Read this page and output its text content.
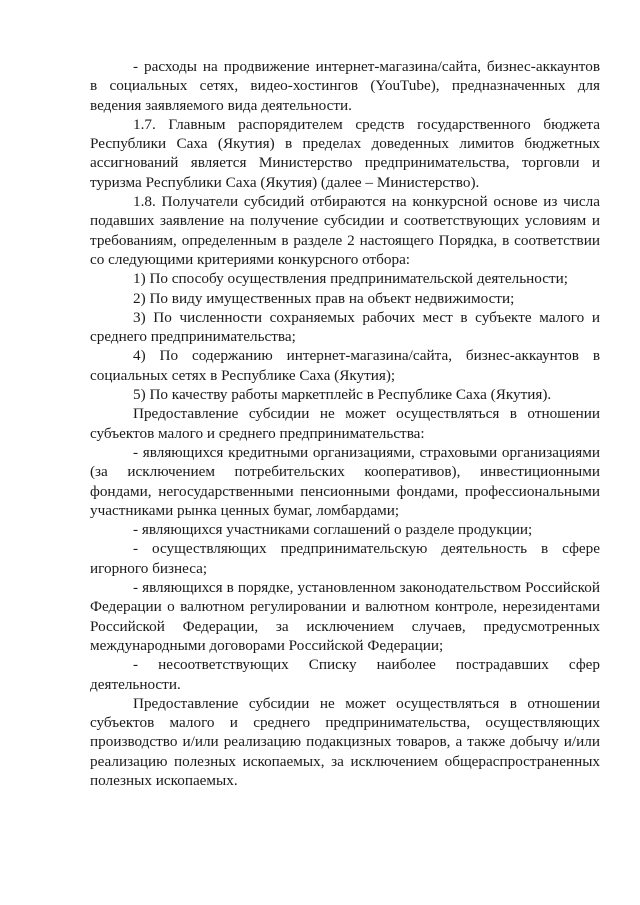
- расходы на продвижение интернет-магазина/сайта, бизнес-аккаунтов в социальных сетях, видео-хостингов (YouTube), предназначенных для ведения заявляемого вида деятельности.

1.7. Главным распорядителем средств государственного бюджета Республики Саха (Якутия) в пределах доведенных лимитов бюджетных ассигнований является Министерство предпринимательства, торговли и туризма Республики Саха (Якутия) (далее – Министерство).

1.8. Получатели субсидий отбираются на конкурсной основе из числа подавших заявление на получение субсидии и соответствующих условиям и требованиям, определенным в разделе 2 настоящего Порядка, в соответствии со следующими критериями конкурсного отбора:

1) По способу осуществления предпринимательской деятельности;

2) По виду имущественных прав на объект недвижимости;

3) По численности сохраняемых рабочих мест в субъекте малого и среднего предпринимательства;

4) По содержанию интернет-магазина/сайта, бизнес-аккаунтов в социальных сетях в Республике Саха (Якутия);

5) По качеству работы маркетплейс в Республике Саха (Якутия).

Предоставление субсидии не может осуществляться в отношении субъектов малого и среднего предпринимательства:

- являющихся кредитными организациями, страховыми организациями (за исключением потребительских кооперативов), инвестиционными фондами, негосударственными пенсионными фондами, профессиональными участниками рынка ценных бумаг, ломбардами;

- являющихся участниками соглашений о разделе продукции;

- осуществляющих предпринимательскую деятельность в сфере игорного бизнеса;

- являющихся в порядке, установленном законодательством Российской Федерации о валютном регулировании и валютном контроле, нерезидентами Российской Федерации, за исключением случаев, предусмотренных международными договорами Российской Федерации;

- несоответствующих Списку наиболее пострадавших сфер деятельности.

Предоставление субсидии не может осуществляться в отношении субъектов малого и среднего предпринимательства, осуществляющих производство и/или реализацию подакцизных товаров, а также добычу и/или реализацию полезных ископаемых, за исключением общераспространенных полезных ископаемых.
